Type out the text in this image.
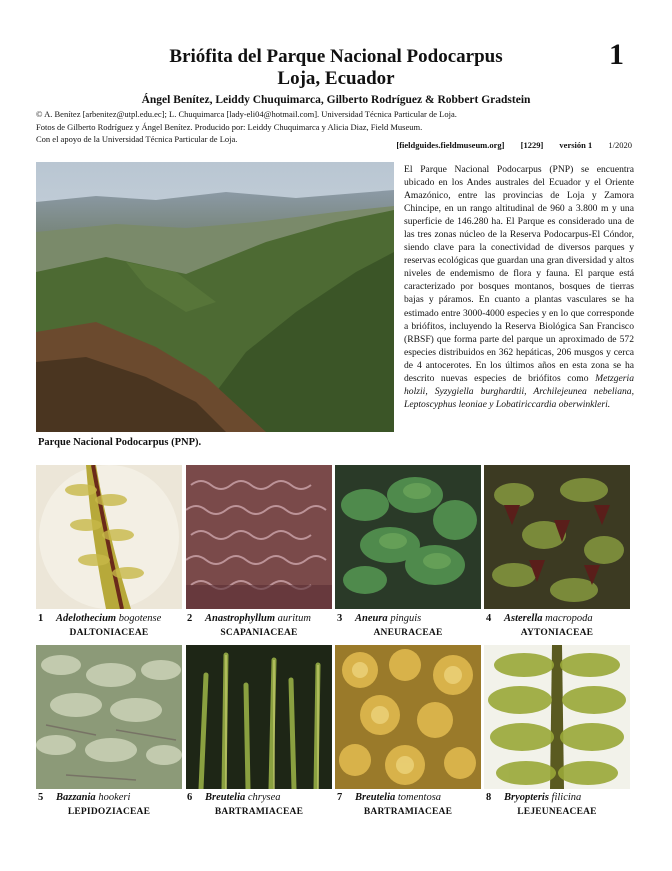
Briófita del Parque Nacional Podocarpus
Loja, Ecuador
1
Ángel Benítez, Leiddy Chuquimarca, Gilberto Rodríguez & Robbert Gradstein
© A. Benítez [arbenitez@utpl.edu.ec]; L. Chuquimarca [lady-eli04@hotmail.com]. Universidad Técnica Particular de Loja.
Fotos de Gilberto Rodríguez y Ángel Benítez. Producido por: Leiddy Chuquimarca y Alicia Diaz, Field Museum.
Con el apoyo de la Universidad Técnica Particular de Loja.
[fieldguides.fieldmuseum.org] [1229] versión 1 1/2020
Parque Nacional Podocarpus (PNP).
El Parque Nacional Podocarpus (PNP) se encuentra ubicado en los Andes australes del Ecuador y el Oriente Amazónico, entre las provincias de Loja y Zamora Chincipe, en un rango altitudinal de 960 a 3.800 m y una superficie de 146.280 ha. El Parque es considerado una de las tres zonas núcleo de la Reserva Podocarpus-El Cóndor, siendo clave para la conectividad de diversos parques y reservas ecológicas que guardan una gran diversidad y altos niveles de endemismo de flora y fauna. El parque está caracterizado por bosques montanos, bosques de tierras bajas y páramos. En cuanto a plantas vasculares se ha estimado entre 3000-4000 especies y en lo que corresponde a briófitos, incluyendo la Reserva Biológica San Francisco (RBSF) que forma parte del parque un aproximado de 572 especies distribuidos en 362 hepáticas, 206 musgos y cerca de 4 antocerotes. En los últimos años en esta zona se ha descrito nuevas especies de briófitos como Metzgeria holzii, Syzygiella burghardtii, Archilejeunea nebeliana, Leptoscyphus leoniae y Lobatiriccardia oberwinkleri.
1 Adelothecium bogotense
DALTONIACEAE
2 Anastrophyllum auritum
SCAPANIACEAE
3 Aneura pinguis
ANEURACEAE
4 Asterella macropoda
AYTONIACEAE
5 Bazzania hookeri
LEPIDOZIACEAE
6 Breutelia chrysea
BARTRAMIACEAE
7 Breutelia tomentosa
BARTRAMIACEAE
8 Bryopteris filicina
LEJEUNEACEAE
